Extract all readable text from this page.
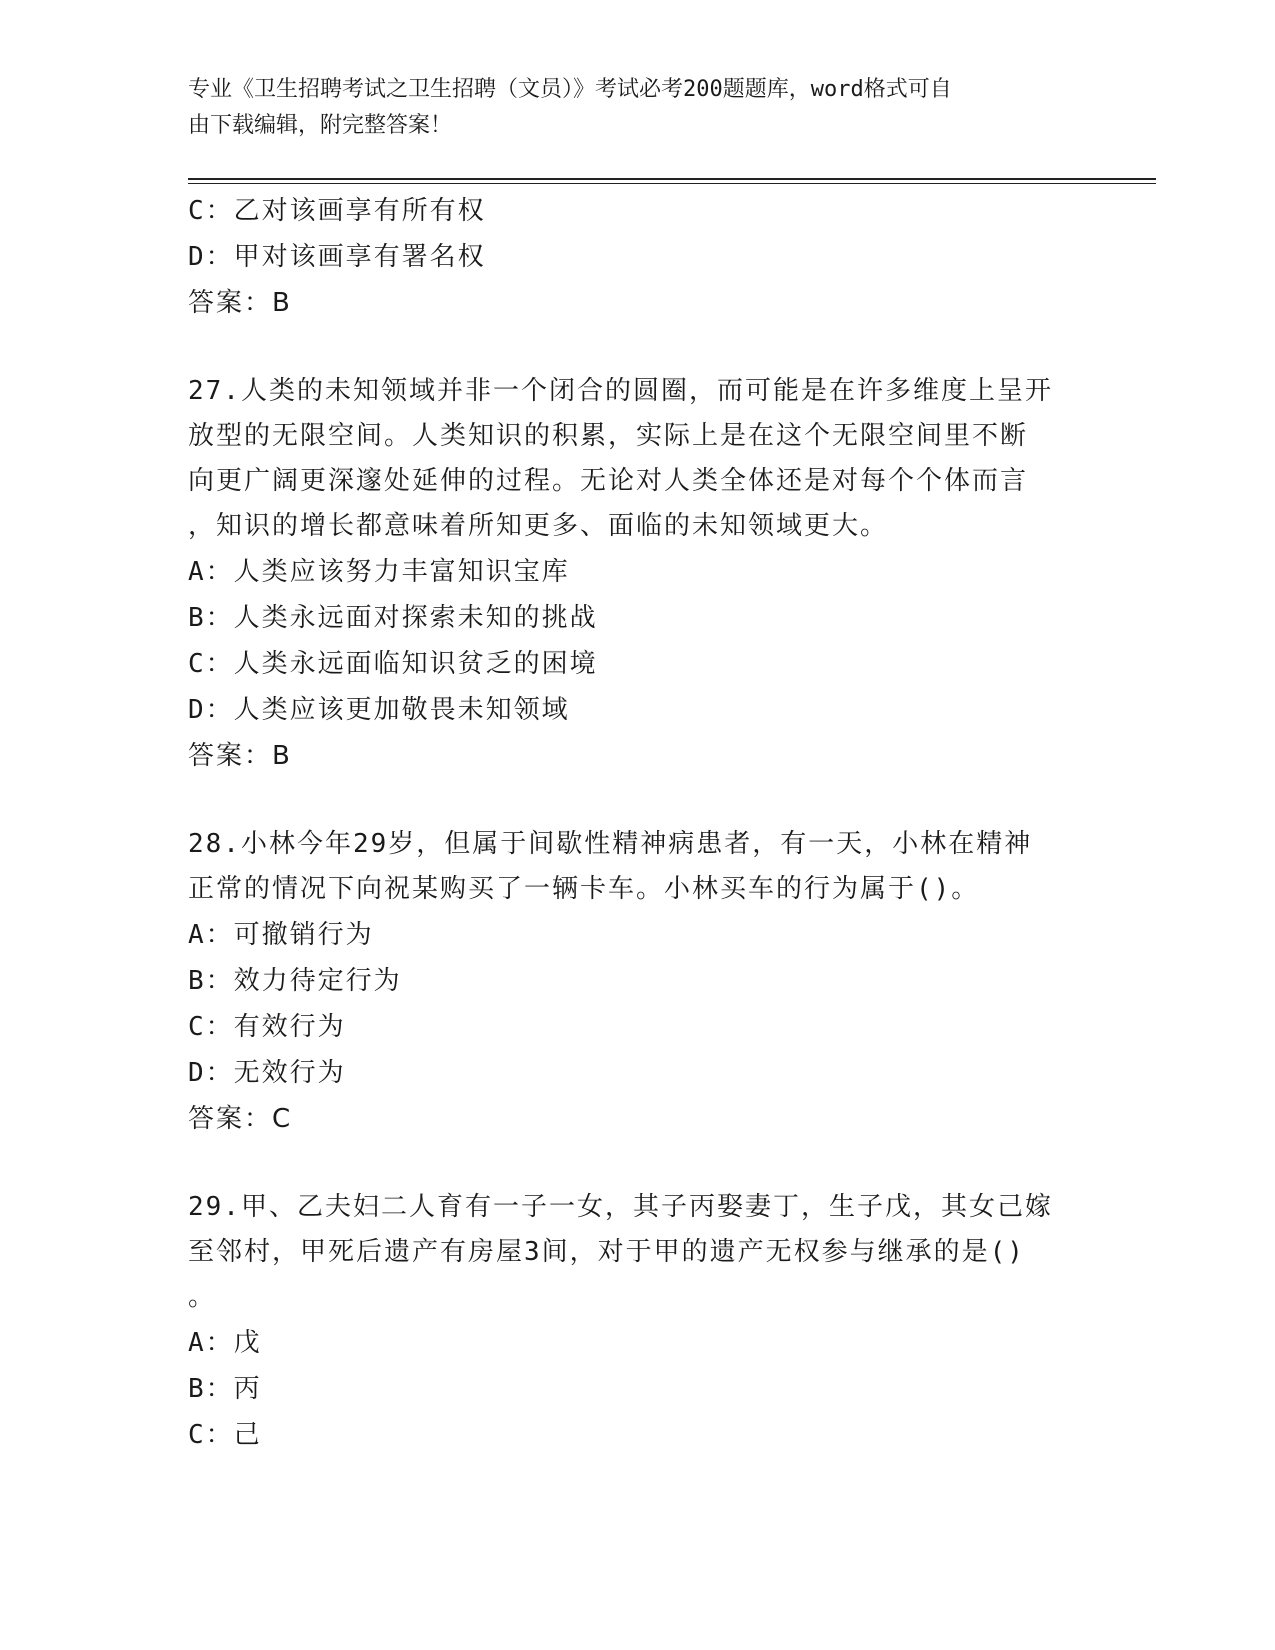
专业《卫生招聘考试之卫生招聘（文员）》考试必考200题题库，word格式可自
由下载编辑，附完整答案！
C：乙对该画享有所有权
D：甲对该画享有署名权
答案：B
27.人类的未知领域并非一个闭合的圆圈，而可能是在许多维度上呈开
放型的无限空间。人类知识的积累，实际上是在这个无限空间里不断
向更广阔更深邃处延伸的过程。无论对人类全体还是对每个个体而言
，知识的增长都意味着所知更多、面临的未知领域更大。
A：人类应该努力丰富知识宝库
B：人类永远面对探索未知的挑战
C：人类永远面临知识贫乏的困境
D：人类应该更加敬畏未知领域
答案：B
28.小林今年29岁，但属于间歇性精神病患者，有一天，小林在精神
正常的情况下向祝某购买了一辆卡车。小林买车的行为属于()。
A：可撤销行为
B：效力待定行为
C：有效行为
D：无效行为
答案：C
29.甲、乙夫妇二人育有一子一女，其子丙娶妻丁，生子戊，其女己嫁
至邻村，甲死后遗产有房屋3间，对于甲的遗产无权参与继承的是()
。
A：戊
B：丙
C：己
